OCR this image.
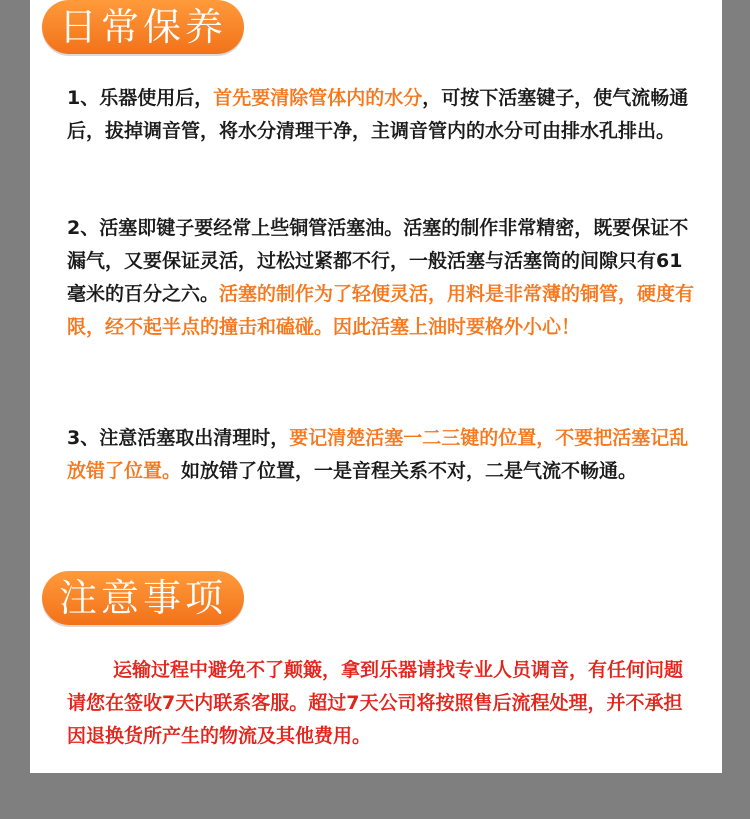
日常保养

1、乐器使用后，首先要清除管体内的水分，可按下活塞键子，使气流畅通后，拔掉调音管，将水分清理干净，主调音管内的水分可由排水孔排出。

2、活塞即键子要经常上些铜管活塞油。活塞的制作非常精密，既要保证不漏气，又要保证灵活，过松过紧都不行，一般活塞与活塞筒的间隙只有61毫米的百分之六。活塞的制作为了轻便灵活，用料是非常薄的铜管，硬度有限，经不起半点的撞击和磕碰。因此活塞上油时要格外小心！

3、注意活塞取出清理时，要记清楚活塞一二三键的位置，不要把活塞记乱放错了位置。如放错了位置，一是音程关系不对，二是气流不畅通。

注意事项

运输过程中避免不了颠簸，拿到乐器请找专业人员调音，有任何问题请您在签收7天内联系客服。超过7天公司将按照售后流程处理，并不承担因退换货所产生的物流及其他费用。
